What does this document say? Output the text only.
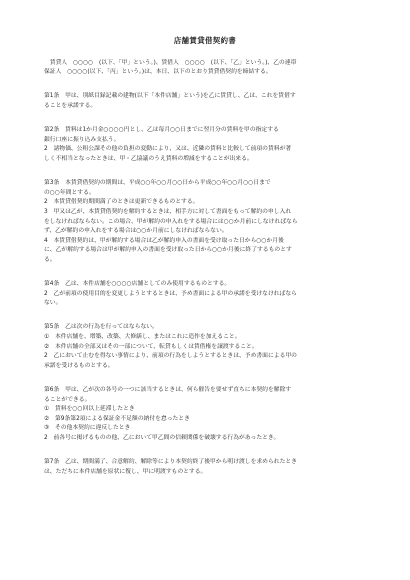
店舗賃貸借契約書
　賃貸人　○○○○　(以下、「甲」という。)、賃借人　○○○○　(以下、「乙」という。)、乙の連帯
保証人　○○○○(以下、「丙」という。)は、本日、以下のとおり賃貸借契約を締結する。
第1条　甲は、別紙目録記載の建物(以下「本件店舗」という)を乙に賃貸し、乙は、これを賃借す
ることを承諾する。
第2条　賃料は1か月金○○○○円とし、乙は毎月○○日までに翌月分の賃料を甲の指定する
銀行口座に振り込み支払う。
2　諸物価、公租公課その他の負担の変動により、又は、近隣の賃料と比較して前項の賃料が著
しく不相当となったときは、甲・乙協議のうえ賃料の増減をすることが出来る。
第3条　本賃貸借契約の期間は、平成○○年○○月○○日から平成○○年○○月○○日まで
の○○年間とする。
2　本賃貸借契約期間満了のときは更新できるものとする。
3　甲又は乙が、本賃貸借契約を解約するときは、相手方に対して書面をもって解約の申し入れ
をしなければならない。この場合、甲が解約の申入れをする場合には○○か月前にしなければなら
ず、乙が解約の申入れをする場合は○○か月前にしなければならない。
4　本賃貸借契約は、甲が解約する場合は乙が解約申入の書面を受け取った日から○○か月後
に、乙が解約する場合は甲が解約申入の書面を受け取った日から○○か月後に終了するものとす
る。
第4条　乙は、本件店舗を○○○○店舗としてのみ使用するものとする。
2　乙が前項の使用目的を変更しようとするときは、予め書面による甲の承諾を受けなければなら
ない。
第5条　乙は次の行為を行ってはならない。
①　本件店舗を、増築、改築、大修繕し、またはこれに造作を加えること。
②　本件店舗の全部又はその一部について、転貸もしくは賃借権を譲渡すること。
2　乙において止むを得ない事情により、前項の行為をしようとするときは、予め書面による甲の
承諾を受けるものとする。
第6条　甲は、乙が次の各号の一つに該当するときは、何ら催告を要せず直ちに本契約を解除す
ることができる。
①　賃料を○○回以上延滞したとき
②　第9条第2項による保証金不足額の納付を怠ったとき
③　その他本契約に違反したとき
2　前各号に掲げるものの他、乙において甲乙間の信頼関係を破壊する行為があったとき。
第7条　乙は、期間満了、合意解約、解除等により本契約終了後甲から明け渡しを求められたとき
は、ただちに本件店舗を原状に復し、甲に明渡すものとする。
